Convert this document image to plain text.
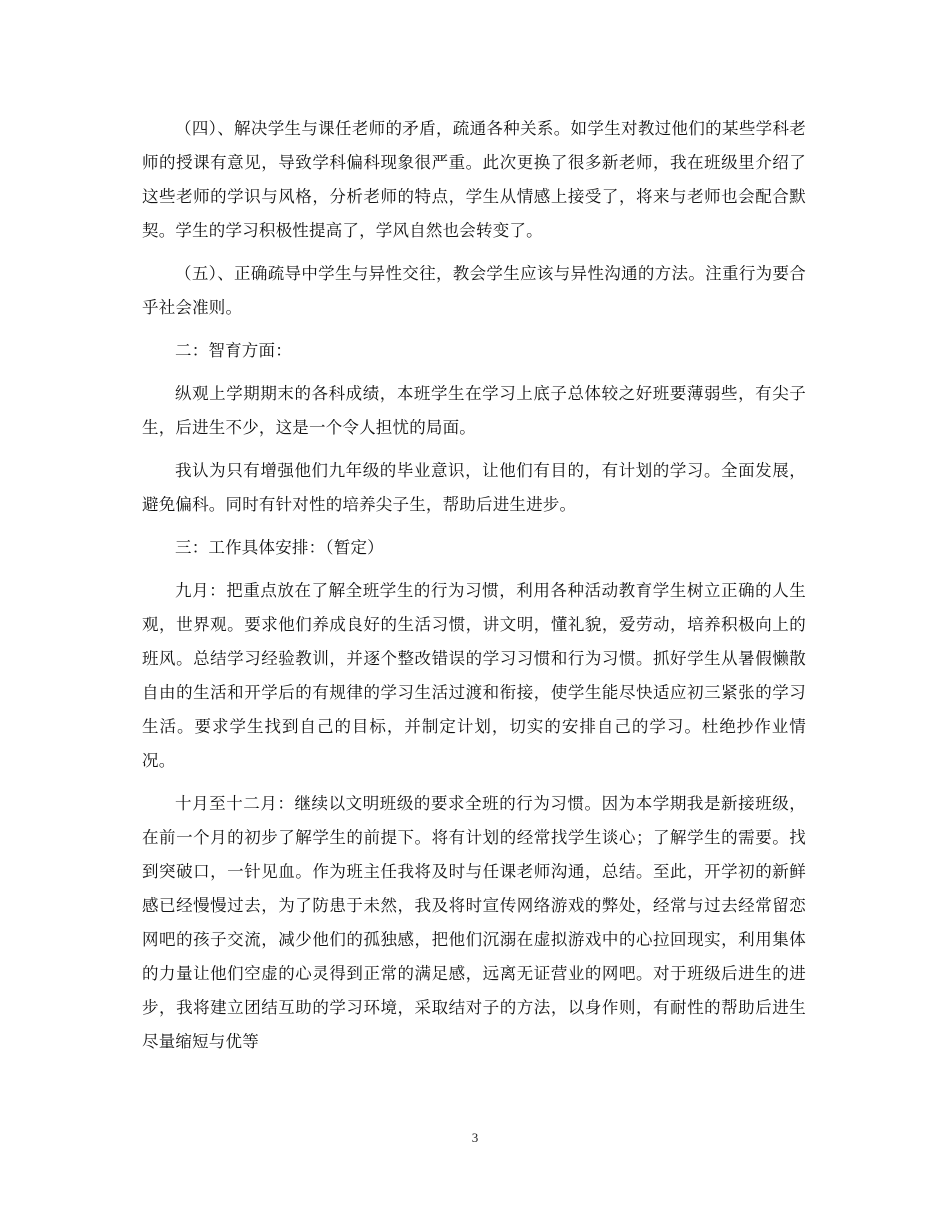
（四）、解决学生与课任老师的矛盾，疏通各种关系。如学生对教过他们的某些学科老师的授课有意见，导致学科偏科现象很严重。此次更换了很多新老师，我在班级里介绍了这些老师的学识与风格，分析老师的特点，学生从情感上接受了，将来与老师也会配合默契。学生的学习积极性提高了，学风自然也会转变了。

（五）、正确疏导中学生与异性交往，教会学生应该与异性沟通的方法。注重行为要合乎社会准则。

二：智育方面：

纵观上学期期末的各科成绩，本班学生在学习上底子总体较之好班要薄弱些，有尖子生，后进生不少，这是一个令人担忧的局面。

我认为只有增强他们九年级的毕业意识，让他们有目的，有计划的学习。全面发展，避免偏科。同时有针对性的培养尖子生，帮助后进生进步。

三：工作具体安排：（暂定）

九月：把重点放在了解全班学生的行为习惯，利用各种活动教育学生树立正确的人生观，世界观。要求他们养成良好的生活习惯，讲文明，懂礼貌，爱劳动，培养积极向上的班风。总结学习经验教训，并逐个整改错误的学习习惯和行为习惯。抓好学生从暑假懒散自由的生活和开学后的有规律的学习生活过渡和衔接，使学生能尽快适应初三紧张的学习生活。要求学生找到自己的目标，并制定计划，切实的安排自己的学习。杜绝抄作业情况。

十月至十二月：继续以文明班级的要求全班的行为习惯。因为本学期我是新接班级，在前一个月的初步了解学生的前提下。将有计划的经常找学生谈心；了解学生的需要。找到突破口，一针见血。作为班主任我将及时与任课老师沟通，总结。至此，开学初的新鲜感已经慢慢过去，为了防患于未然，我及将时宣传网络游戏的弊处，经常与过去经常留恋网吧的孩子交流，减少他们的孤独感，把他们沉溺在虚拟游戏中的心拉回现实，利用集体的力量让他们空虚的心灵得到正常的满足感，远离无证营业的网吧。对于班级后进生的进步，我将建立团结互助的学习环境，采取结对子的方法，以身作则，有耐性的帮助后进生尽量缩短与优等

3
